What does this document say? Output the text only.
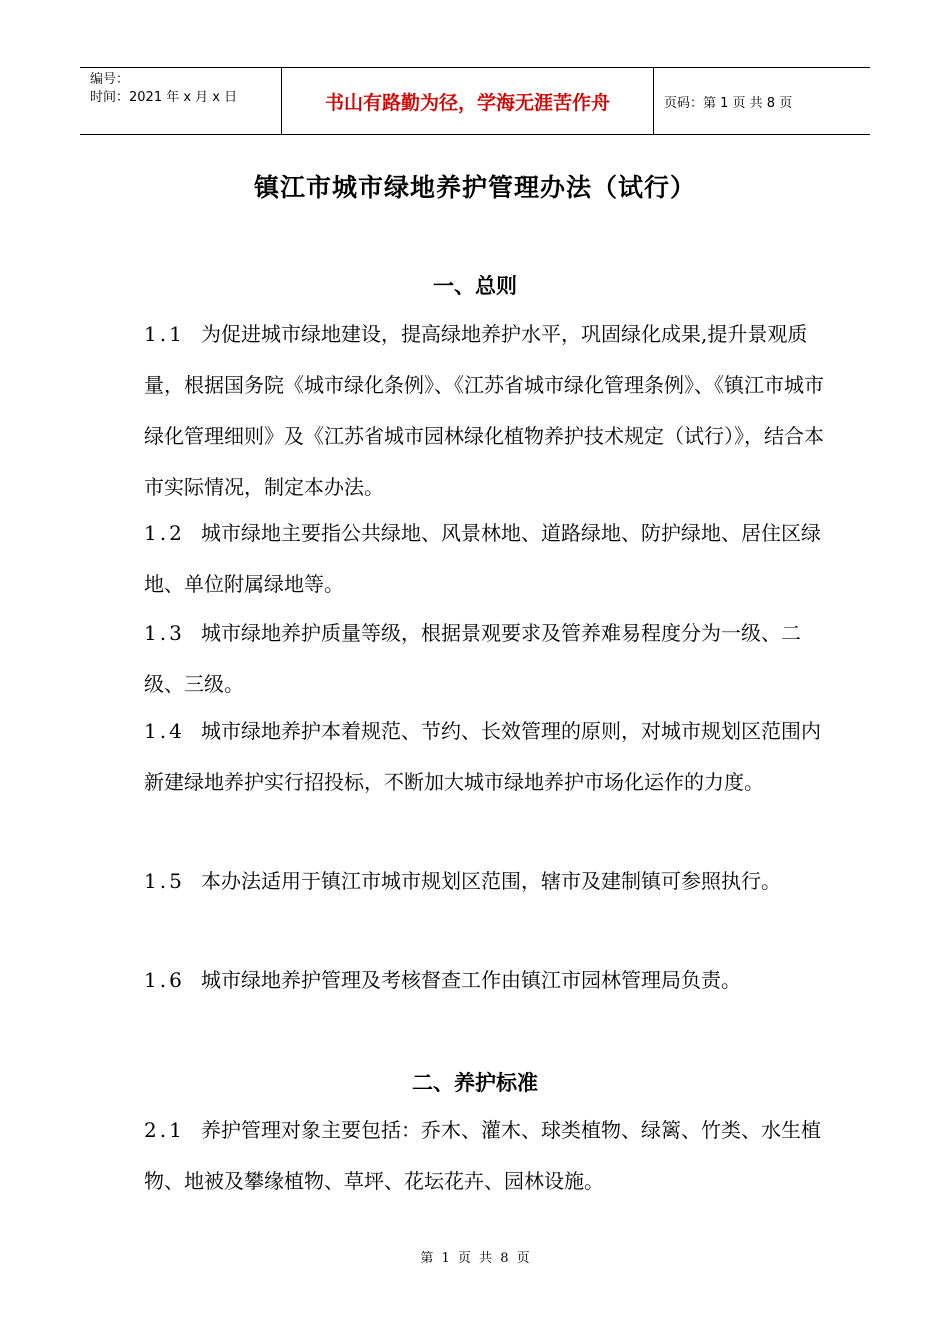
编号：
时间：2021 年 x 月 x 日	书山有路勤为径，学海无涯苦作舟	页码：第 1 页 共 8 页
镇江市城市绿地养护管理办法（试行）
一、总则

1.1 为促进城市绿地建设，提高绿地养护水平，巩固绿化成果,提升景观质量，根据国务院《城市绿化条例》、《江苏省城市绿化管理条例》、《镇江市城市绿化管理细则》及《江苏省城市园林绿化植物养护技术规定（试行）》，结合本市实际情况，制定本办法。

1.2 城市绿地主要指公共绿地、风景林地、道路绿地、防护绿地、居住区绿地、单位附属绿地等。

1.3 城市绿地养护质量等级，根据景观要求及管养难易程度分为一级、二级、三级。

1.4 城市绿地养护本着规范、节约、长效管理的原则，对城市规划区范围内新建绿地养护实行招投标，不断加大城市绿地养护市场化运作的力度。

1.5 本办法适用于镇江市城市规划区范围，辖市及建制镇可参照执行。

1.6 城市绿地养护管理及考核督查工作由镇江市园林管理局负责。

二、养护标准

2.1 养护管理对象主要包括：乔木、灌木、球类植物、绿篱、竹类、水生植物、地被及攀缘植物、草坪、花坛花卉、园林设施。

第 1 页 共 8 页
